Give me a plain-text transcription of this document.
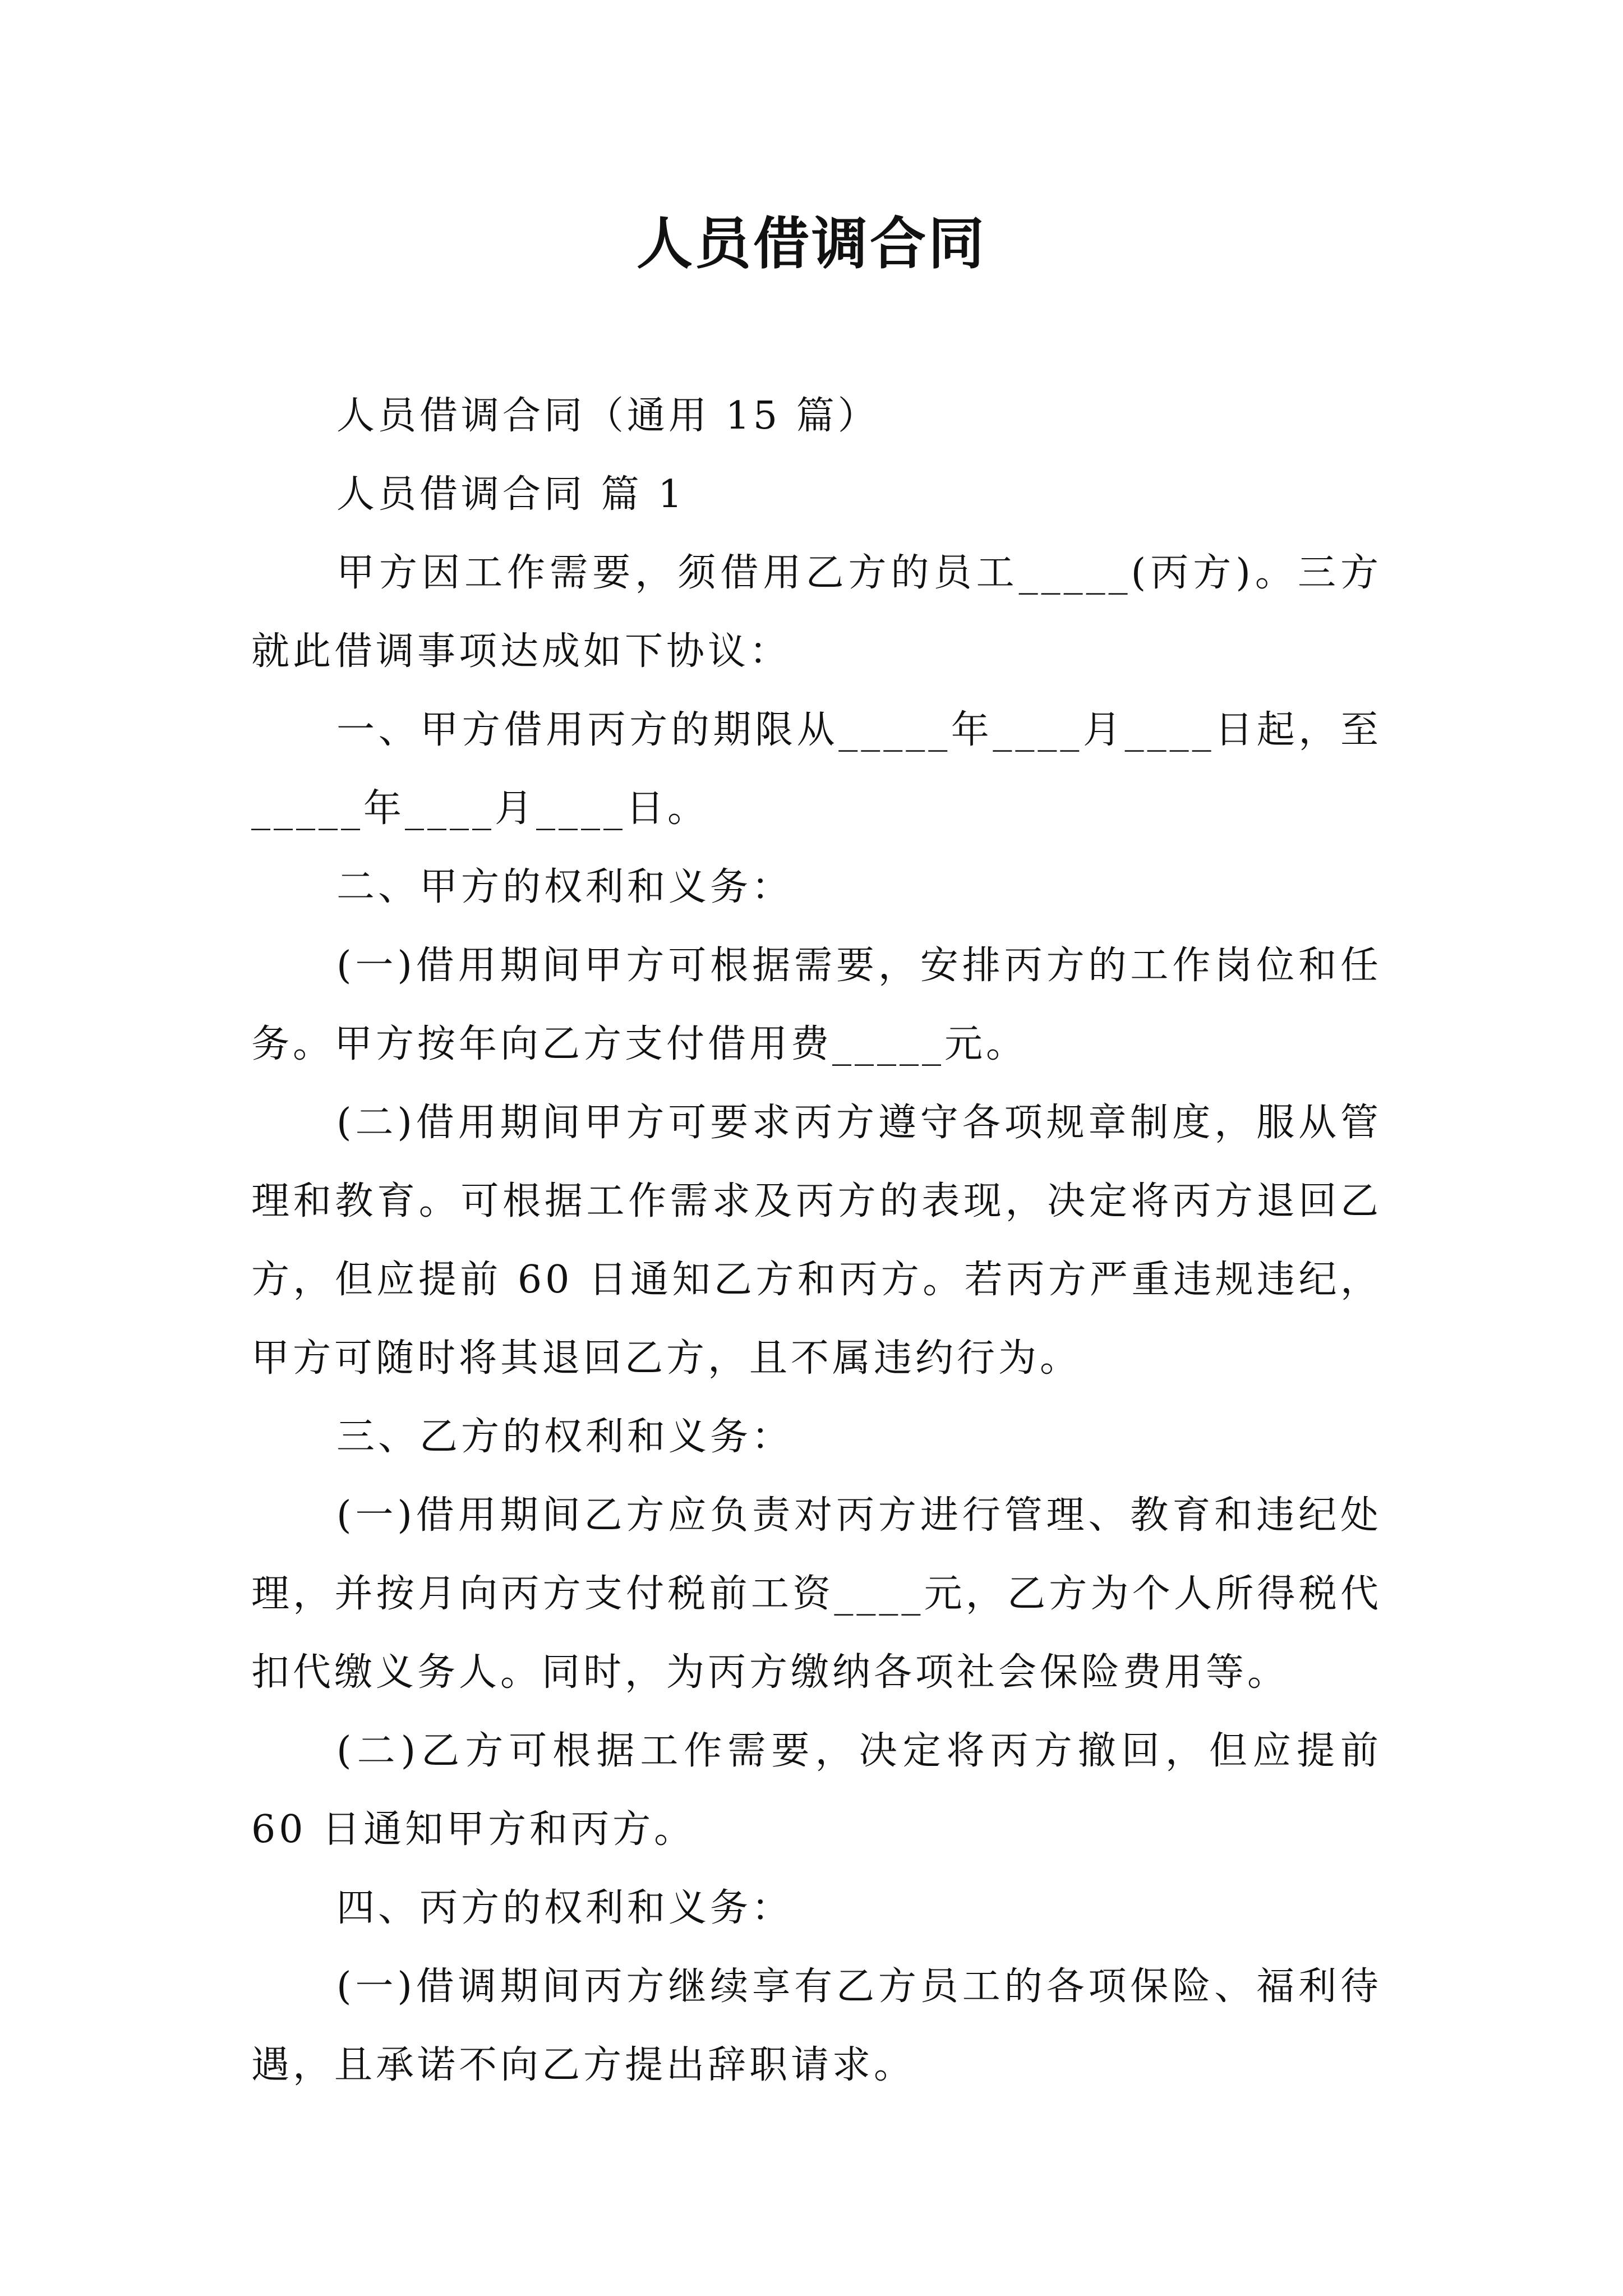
人员借调合同

人员借调合同（通用 15 篇）

人员借调合同 篇 1

甲方因工作需要，须借用乙方的员工_____(丙方)。三方就此借调事项达成如下协议：

一、甲方借用丙方的期限从_____年____月____日起，至_____年____月____日。

二、甲方的权利和义务：

(一)借用期间甲方可根据需要，安排丙方的工作岗位和任务。甲方按年向乙方支付借用费_____元。

(二)借用期间甲方可要求丙方遵守各项规章制度，服从管理和教育。可根据工作需求及丙方的表现，决定将丙方退回乙方，但应提前 60 日通知乙方和丙方。若丙方严重违规违纪，甲方可随时将其退回乙方，且不属违约行为。

三、乙方的权利和义务：

(一)借用期间乙方应负责对丙方进行管理、教育和违纪处理，并按月向丙方支付税前工资____元，乙方为个人所得税代扣代缴义务人。同时，为丙方缴纳各项社会保险费用等。

(二)乙方可根据工作需要，决定将丙方撤回，但应提前 60 日通知甲方和丙方。

四、丙方的权利和义务：

(一)借调期间丙方继续享有乙方员工的各项保险、福利待遇，且承诺不向乙方提出辞职请求。
